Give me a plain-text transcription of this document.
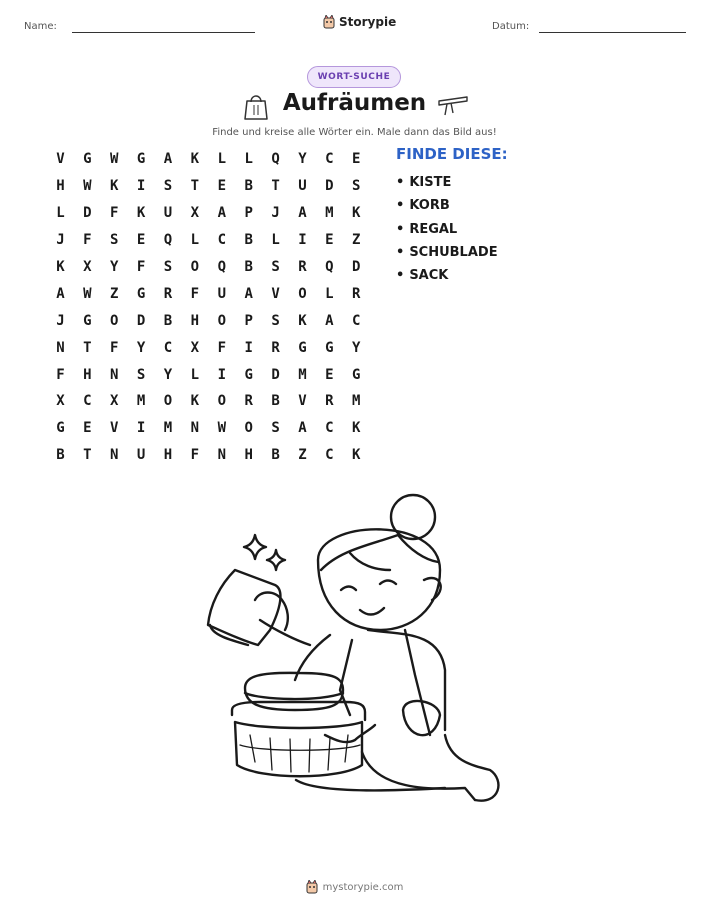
Name:	Storypie	Datum:
WORT-SUCHE
Aufräumen
Finde und kreise alle Wörter ein. Male dann das Bild aus!
V	G	W	G	A	K	L	L	Q	Y	C	E
H	W	K	I	S	T	E	B	T	U	D	S
L	D	F	K	U	X	A	P	J	A	M	K
J	F	S	E	Q	L	C	B	L	I	E	Z
K	X	Y	F	S	O	Q	B	S	R	Q	D
A	W	Z	G	R	F	U	A	V	O	L	R
J	G	O	D	B	H	O	P	S	K	A	C
N	T	F	Y	C	X	F	I	R	G	G	Y
F	H	N	S	Y	L	I	G	D	M	E	G
X	C	X	M	O	K	O	R	B	V	R	M
G	E	V	I	M	N	W	O	S	A	C	K
B	T	N	U	H	F	N	H	B	Z	C	K
FINDE DIESE:
• KISTE
• KORB
• REGAL
• SCHUBLADE
• SACK
mystorypie.com
